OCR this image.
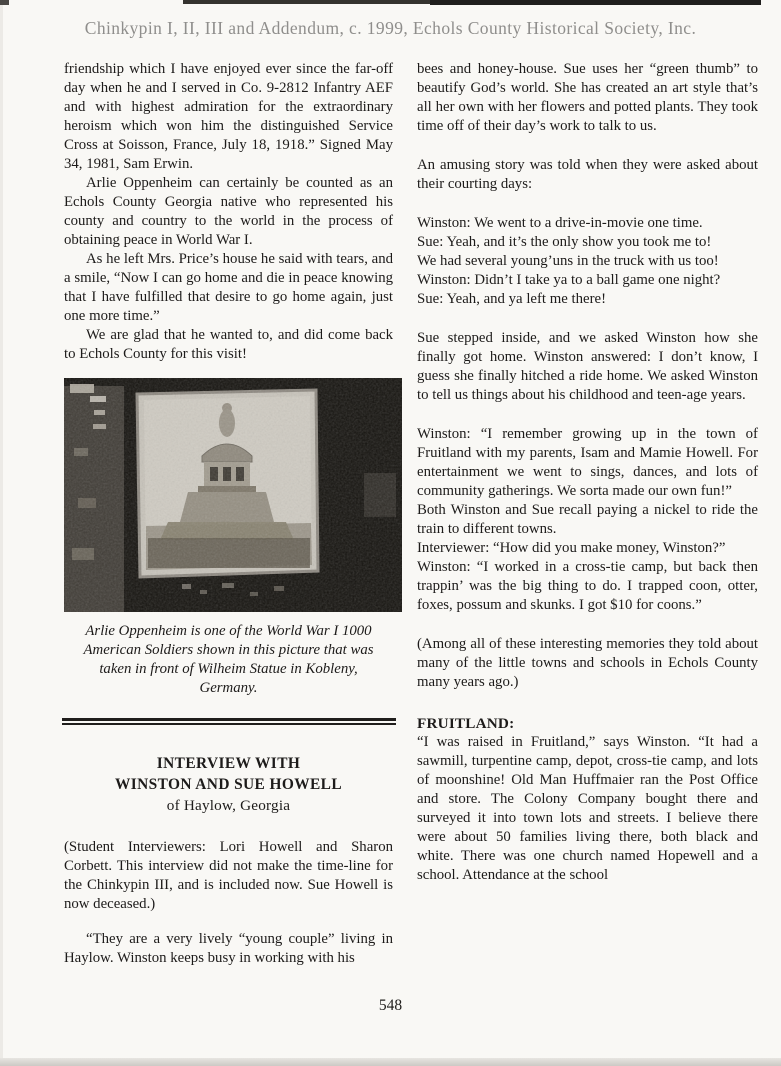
Chinkypin I, II, III and Addendum, c. 1999, Echols County Historical Society, Inc.

friendship which I have enjoyed ever since the far-off day when he and I served in Co. 9-2812 Infantry AEF and with highest admiration for the extraordinary heroism which won him the distinguished Service Cross at Soisson, France, July 18, 1918.” Signed May 34, 1981, Sam Erwin.

Arlie Oppenheim can certainly be counted as an Echols County Georgia native who represented his county and country to the world in the process of obtaining peace in World War I.

As he left Mrs. Price’s house he said with tears, and a smile, “Now I can go home and die in peace knowing that I have fulfilled that desire to go home again, just one more time.”

We are glad that he wanted to, and did come back to Echols County for this visit!

Arlie Oppenheim is one of the World War I 1000 American Soldiers shown in this picture that was taken in front of Wilheim Statue in Kobleny, Germany.
INTERVIEW WITH
WINSTON AND SUE HOWELL
of Haylow, Georgia

(Student Interviewers: Lori Howell and Sharon Corbett. This interview did not make the time-line for the Chinkypin III, and is included now. Sue Howell is now deceased.)

“They are a very lively “young couple” living in Haylow. Winston keeps busy in working with his

bees and honey-house. Sue uses her “green thumb” to beautify God’s world. She has created an art style that’s all her own with her flowers and potted plants. They took time off of their day’s work to talk to us.

An amusing story was told when they were asked about their courting days:

Winston: We went to a drive-in-movie one time.
Sue: Yeah, and it’s the only show you took me to!
We had several young’uns in the truck with us too!
Winston: Didn’t I take ya to a ball game one night?
Sue: Yeah, and ya left me there!

Sue stepped inside, and we asked Winston how she finally got home. Winston answered: I don’t know, I guess she finally hitched a ride home. We asked Winston to tell us things about his childhood and teen-age years.

Winston: “I remember growing up in the town of Fruitland with my parents, Isam and Mamie Howell. For entertainment we went to sings, dances, and lots of community gatherings. We sorta made our own fun!”
Both Winston and Sue recall paying a nickel to ride the train to different towns.
Interviewer: “How did you make money, Winston?”
Winston: “I worked in a cross-tie camp, but back then trappin’ was the big thing to do. I trapped coon, otter, foxes, possum and skunks. I got $10 for coons.”

(Among all of these interesting memories they told about many of the little towns and schools in Echols County many years ago.)

FRUITLAND:

“I was raised in Fruitland,” says Winston. “It had a sawmill, turpentine camp, depot, cross-tie camp, and lots of moonshine! Old Man Huffmaier ran the Post Office and store. The Colony Company bought there and surveyed it into town lots and streets. I believe there were about 50 families living there, both black and white. There was one church named Hopewell and a school. Attendance at the school

548
